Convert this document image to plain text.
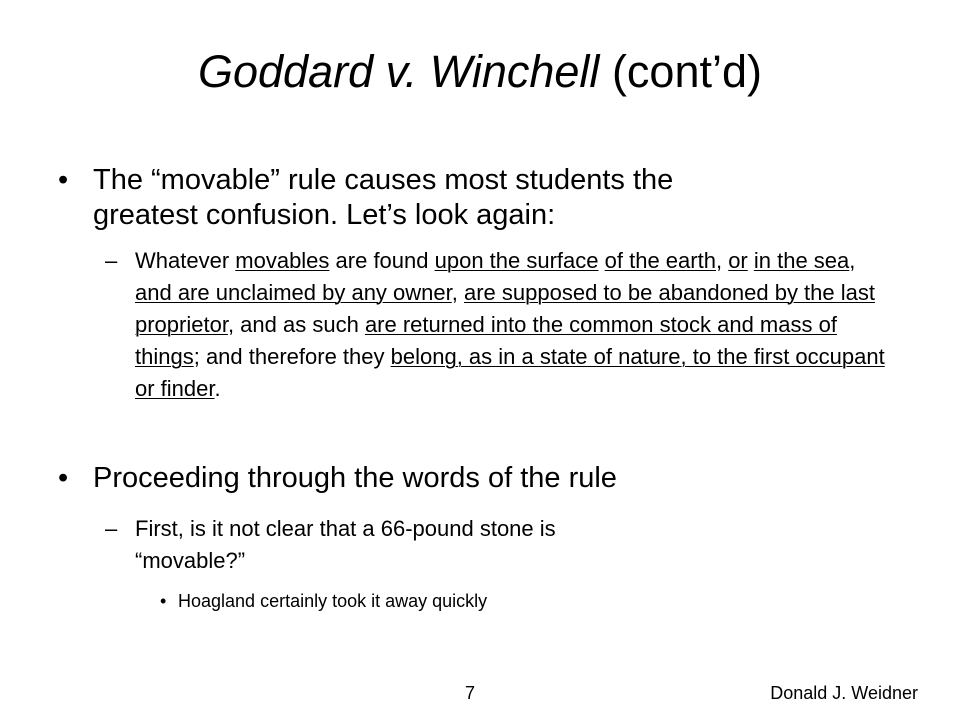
Goddard v. Winchell (cont’d)
• The “movable” rule causes most students the
greatest confusion. Let’s look again:
– Whatever movables are found upon the surface of the earth, or in the sea, and are unclaimed by any owner, are supposed to be abandoned by the last proprietor, and as such are returned into the common stock and mass of things; and therefore they belong, as in a state of nature, to the first occupant or finder.
• Proceeding through the words of the rule
– First, is it not clear that a 66-pound stone is
“movable?”
• Hoagland certainly took it away quickly
7	Donald J. Weidner
